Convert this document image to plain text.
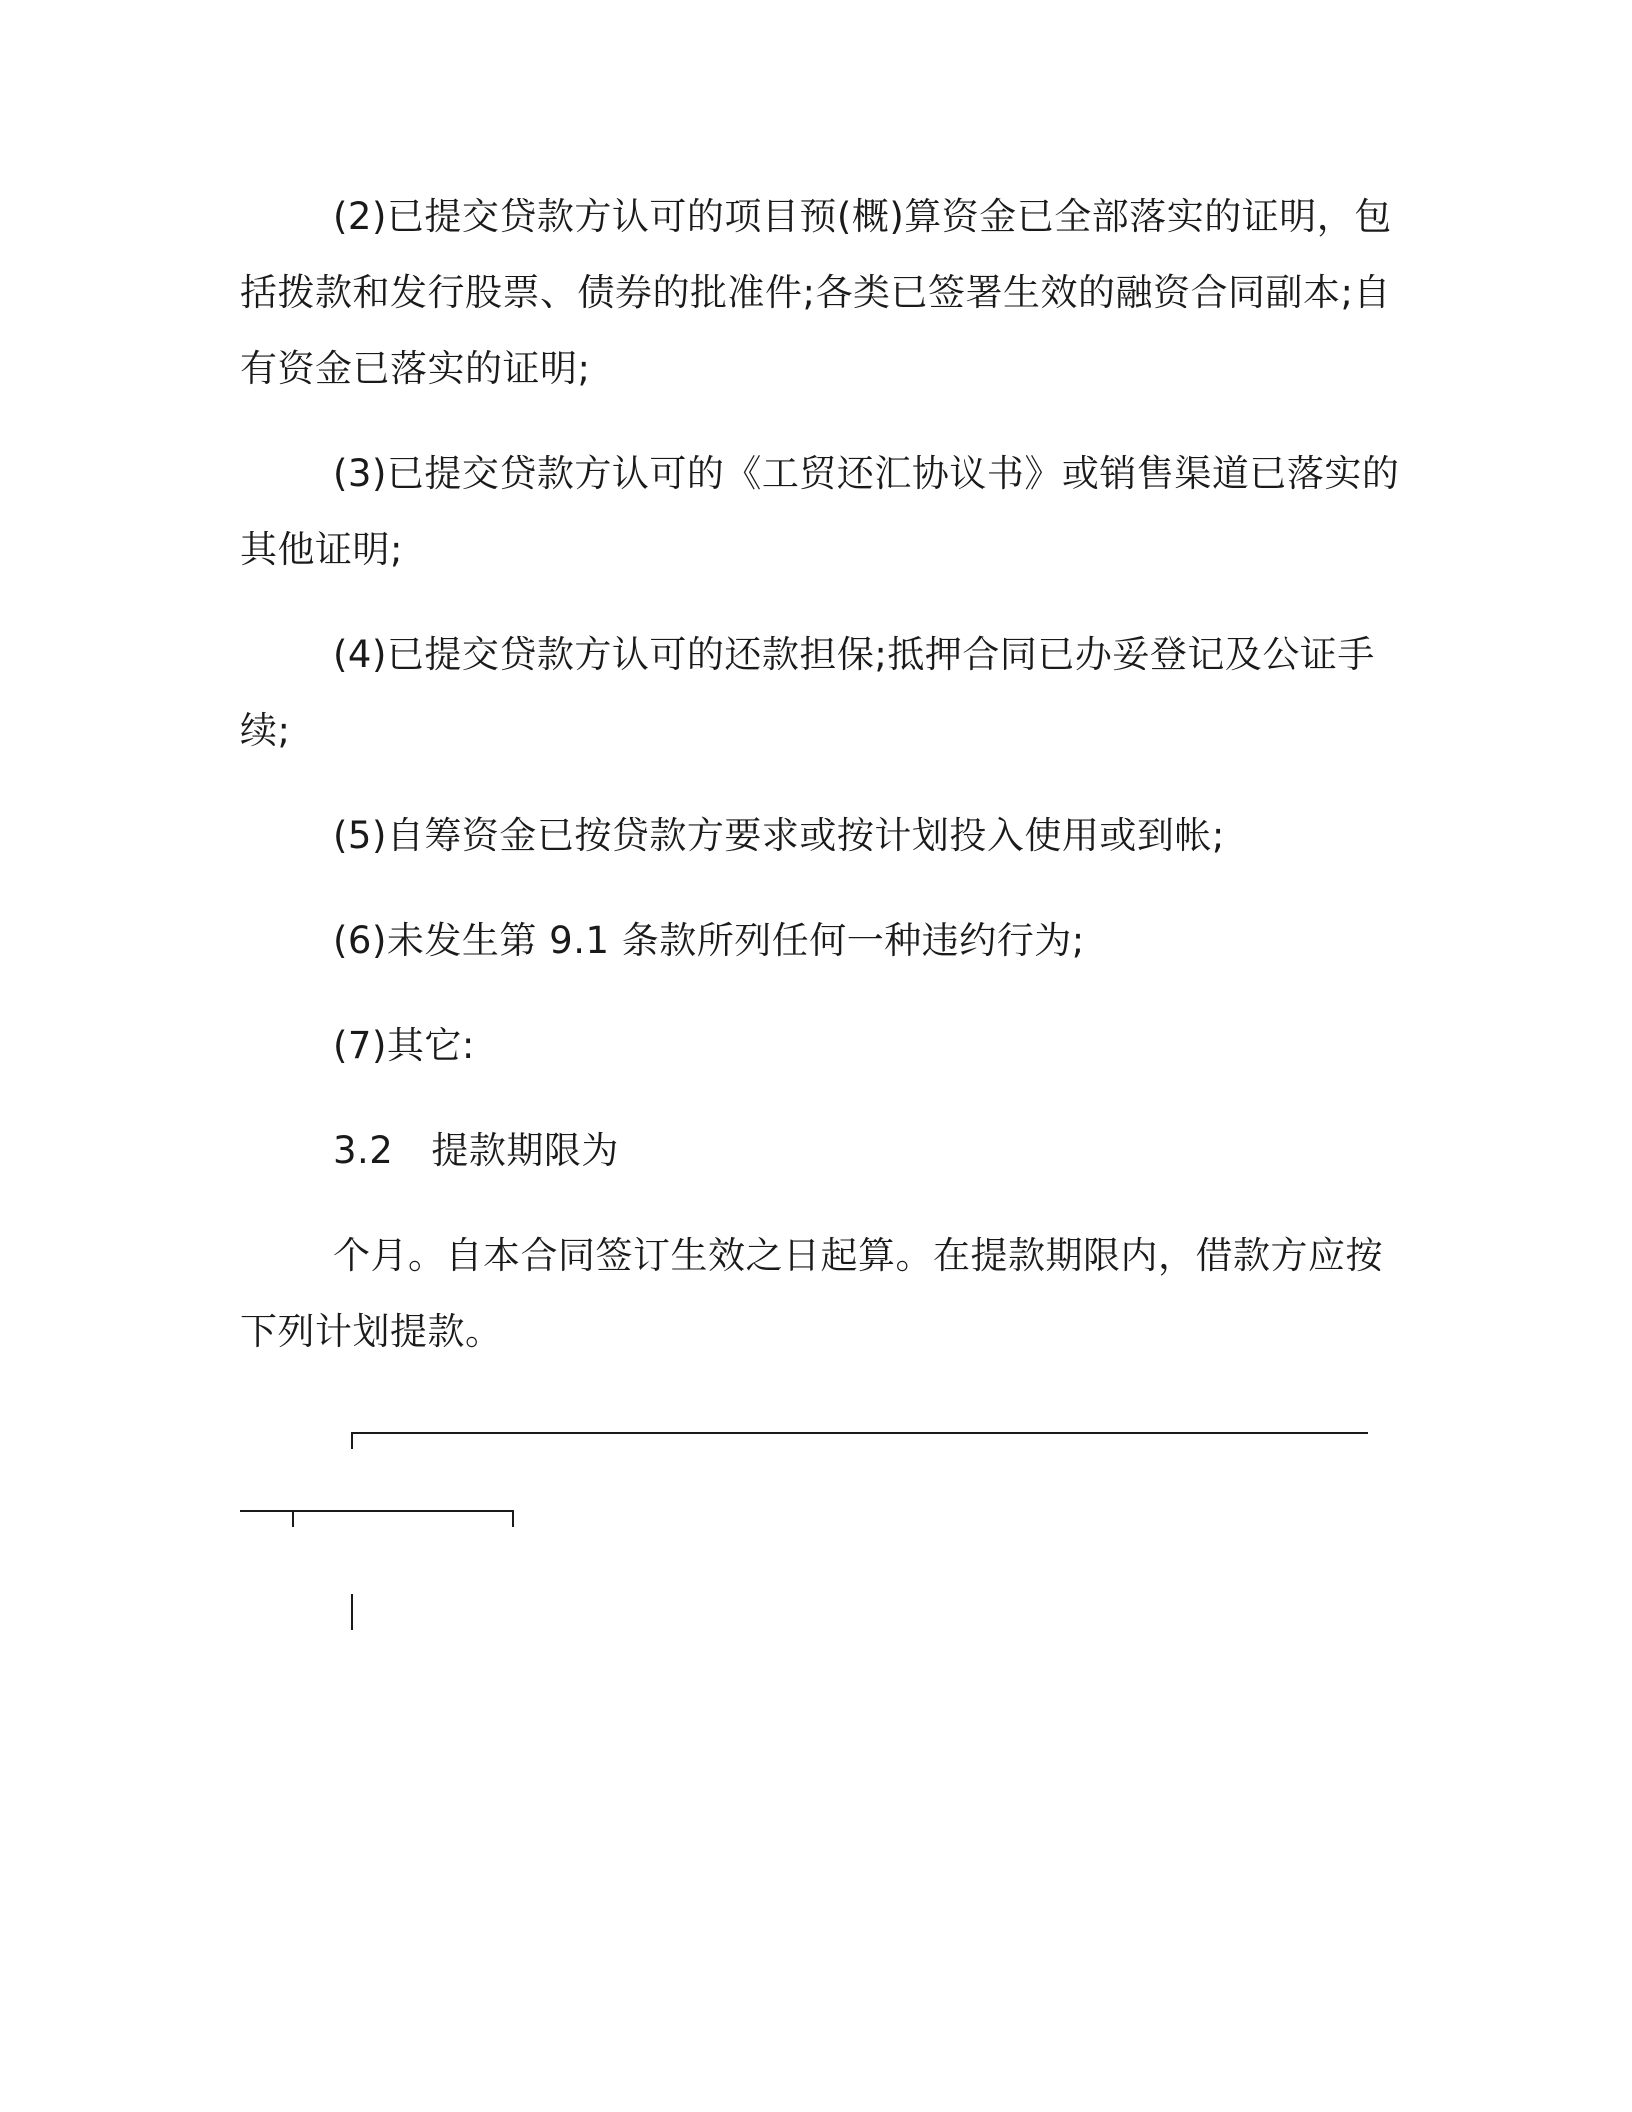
(2)已提交贷款方认可的项目预(概)算资金已全部落实的证明，包
括拨款和发行股票、债券的批准件;各类已签署生效的融资合同副本;自
有资金已落实的证明;
(3)已提交贷款方认可的《工贸还汇协议书》或销售渠道已落实的
其他证明;
(4)已提交贷款方认可的还款担保;抵押合同已办妥登记及公证手
续;
(5)自筹资金已按贷款方要求或按计划投入使用或到帐;
(6)未发生第 9.1 条款所列任何一种违约行为;
(7)其它:
3.2 提款期限为
个月。自本合同签订生效之日起算。在提款期限内，借款方应按
下列计划提款。
